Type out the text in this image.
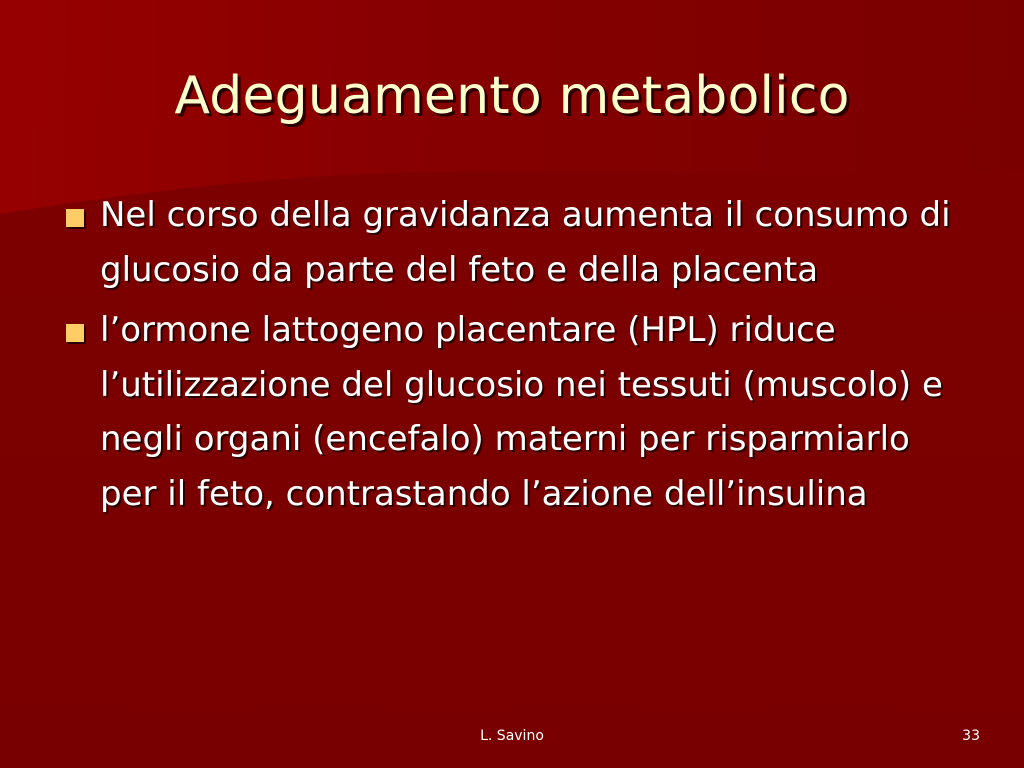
Adeguamento metabolico
Nel corso della gravidanza aumenta il consumo di glucosio da parte del feto e della placenta
l’ormone lattogeno placentare (HPL) riduce l’utilizzazione del glucosio nei tessuti (muscolo) e negli organi (encefalo) materni per risparmiarlo per il feto, contrastando l’azione dell’insulina
L. Savino	33
